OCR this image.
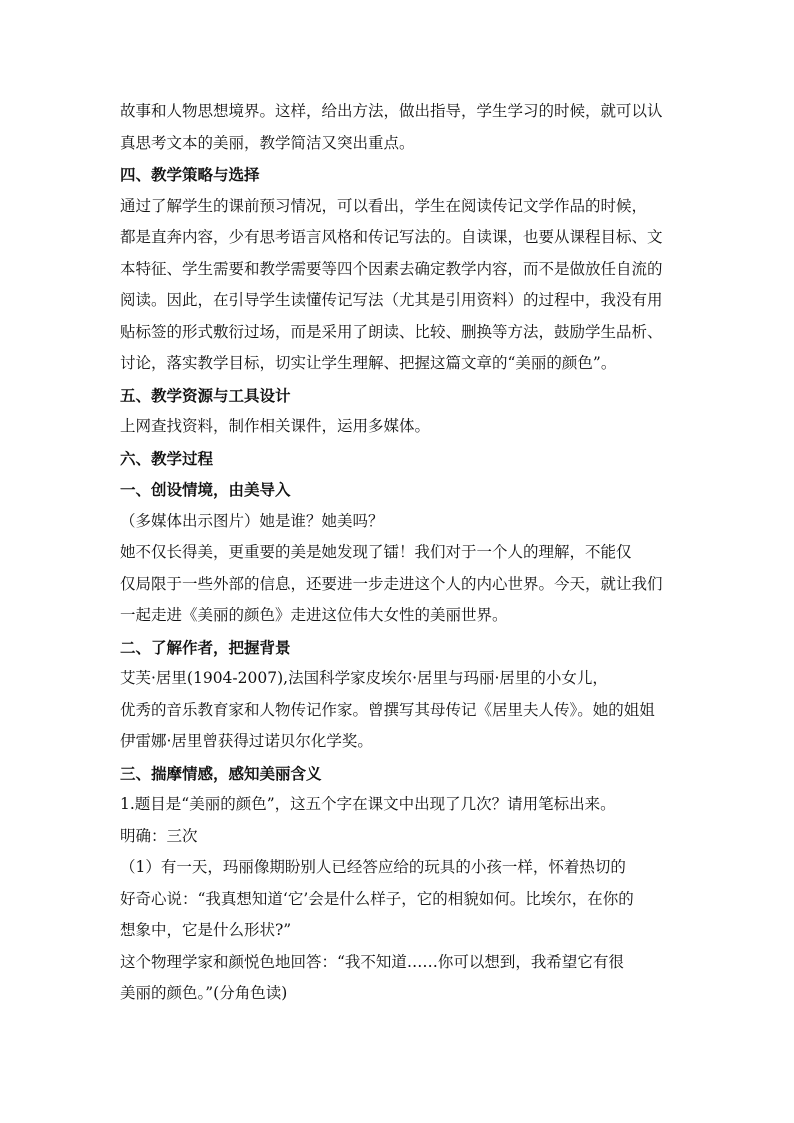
故事和人物思想境界。这样，给出方法，做出指导，学生学习的时候，就可以认

真思考文本的美丽，教学简洁又突出重点。

四、教学策略与选择

通过了解学生的课前预习情况，可以看出，学生在阅读传记文学作品的时候，

都是直奔内容，少有思考语言风格和传记写法的。自读课，也要从课程目标、文

本特征、学生需要和教学需要等四个因素去确定教学内容，而不是做放任自流的

阅读。因此，在引导学生读懂传记写法（尤其是引用资料）的过程中，我没有用

贴标签的形式敷衍过场，而是采用了朗读、比较、删换等方法，鼓励学生品析、

讨论，落实教学目标，切实让学生理解、把握这篇文章的“美丽的颜色”。

五、教学资源与工具设计

上网查找资料，制作相关课件，运用多媒体。

六、教学过程

一、创设情境，由美导入

（多媒体出示图片）她是谁？她美吗？

她不仅长得美，更重要的美是她发现了镭！我们对于一个人的理解，不能仅

仅局限于一些外部的信息，还要进一步走进这个人的内心世界。今天，就让我们

一起走进《美丽的颜色》走进这位伟大女性的美丽世界。

二、了解作者，把握背景

艾芙·居里(1904-2007),法国科学家皮埃尔·居里与玛丽·居里的小女儿，

优秀的音乐教育家和人物传记作家。曾撰写其母传记《居里夫人传》。她的姐姐

伊雷娜·居里曾获得过诺贝尔化学奖。

三、揣摩情感，感知美丽含义

1.题目是“美丽的颜色”，这五个字在课文中出现了几次？请用笔标出来。

明确：三次

（1）有一天，玛丽像期盼别人已经答应给的玩具的小孩一样，怀着热切的

好奇心说：“我真想知道‘它’会是什么样子，它的相貌如何。比埃尔，在你的

想象中，它是什么形状?”

这个物理学家和颜悦色地回答：“我不知道……你可以想到，我希望它有很

美丽的颜色。”(分角色读)
